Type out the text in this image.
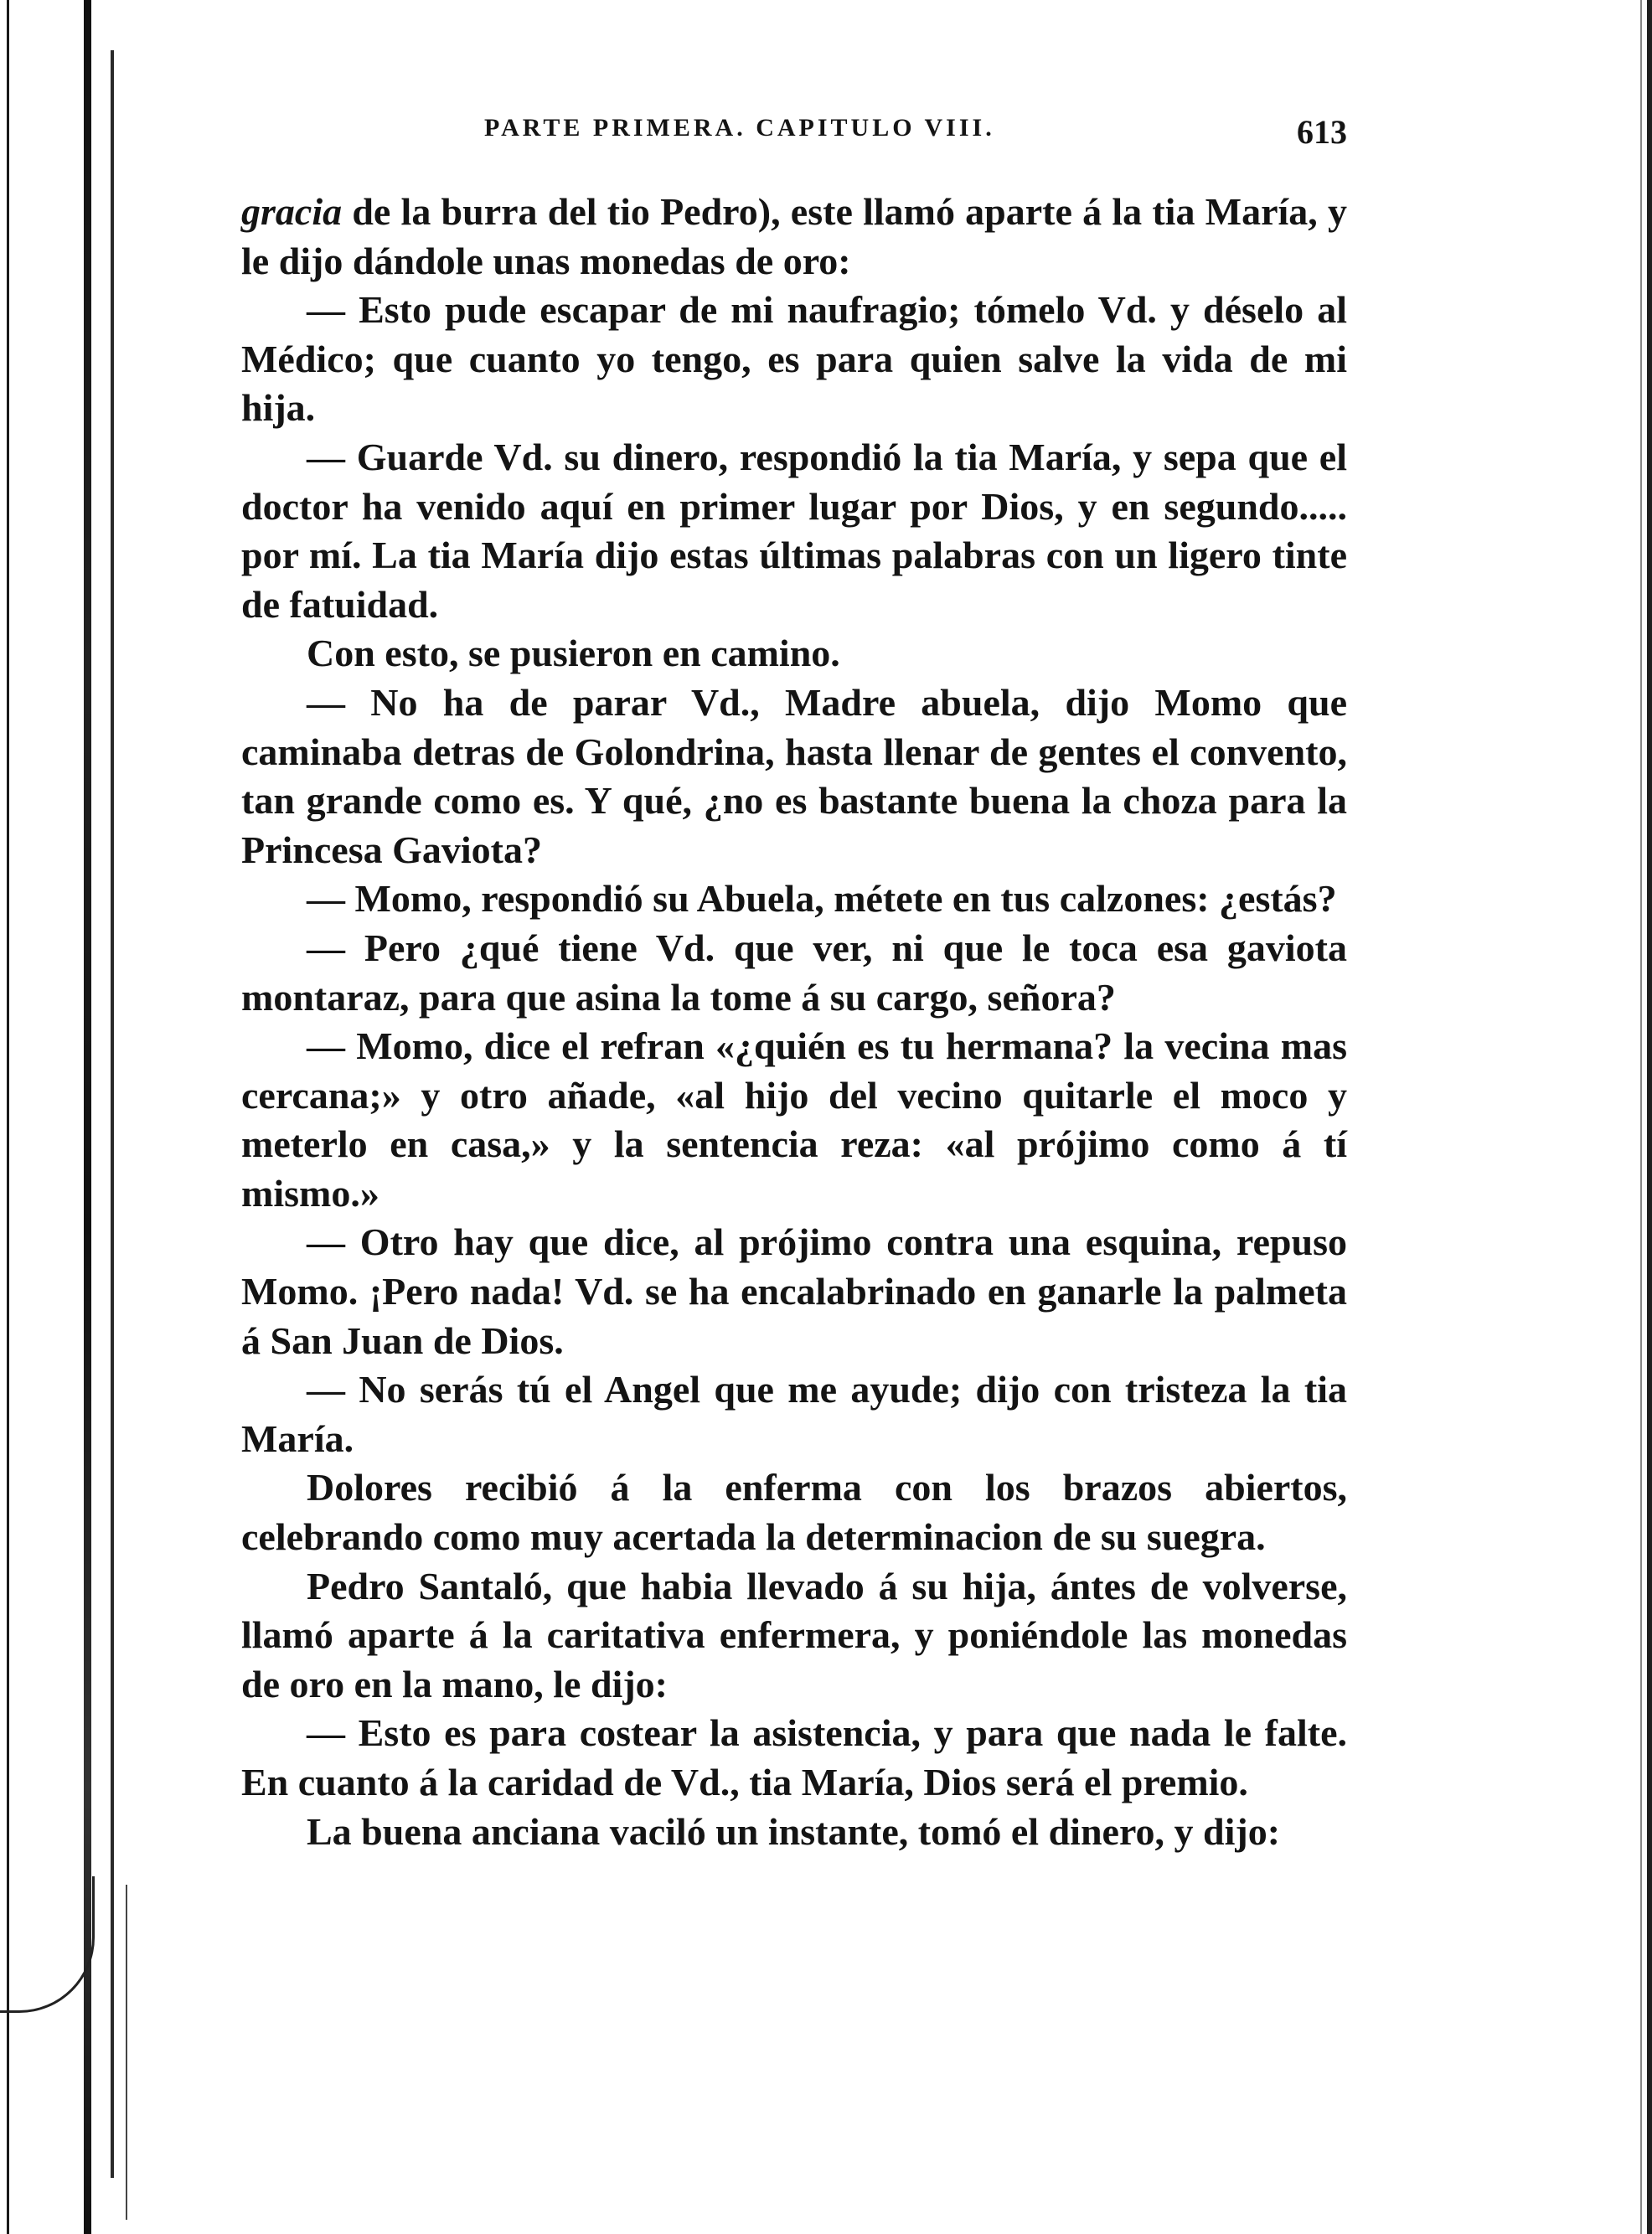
PARTE PRIMERA. CAPITULO VIII.	613

gracia de la burra del tio Pedro), este llamó aparte á la tia María, y le dijo dándole unas monedas de oro:

— Esto pude escapar de mi naufragio; tómelo Vd. y déselo al Médico; que cuanto yo tengo, es para quien salve la vida de mi hija.

— Guarde Vd. su dinero, respondió la tia María, y sepa que el doctor ha venido aquí en primer lugar por Dios, y en segundo..... por mí. La tia María dijo estas últimas palabras con un ligero tinte de fatuidad.

Con esto, se pusieron en camino.

— No ha de parar Vd., Madre abuela, dijo Momo que caminaba detras de Golondrina, hasta llenar de gentes el convento, tan grande como es. Y qué, ¿no es bastante buena la choza para la Princesa Gaviota?

— Momo, respondió su Abuela, métete en tus calzones: ¿estás?

— Pero ¿qué tiene Vd. que ver, ni que le toca esa gaviota montaraz, para que asina la tome á su cargo, señora?

— Momo, dice el refran «¿quién es tu hermana? la vecina mas cercana;» y otro añade, «al hijo del vecino quitarle el moco y meterlo en casa,» y la sentencia reza: «al prójimo como á tí mismo.»

— Otro hay que dice, al prójimo contra una esquina, repuso Momo. ¡Pero nada! Vd. se ha encalabrinado en ganarle la palmeta á San Juan de Dios.

— No serás tú el Angel que me ayude; dijo con tristeza la tia María.

Dolores recibió á la enferma con los brazos abiertos, celebrando como muy acertada la determinacion de su suegra.

Pedro Santaló, que habia llevado á su hija, ántes de volverse, llamó aparte á la caritativa enfermera, y poniéndole las monedas de oro en la mano, le dijo:

— Esto es para costear la asistencia, y para que nada le falte. En cuanto á la caridad de Vd., tia María, Dios será el premio.

La buena anciana vaciló un instante, tomó el dinero, y dijo:
